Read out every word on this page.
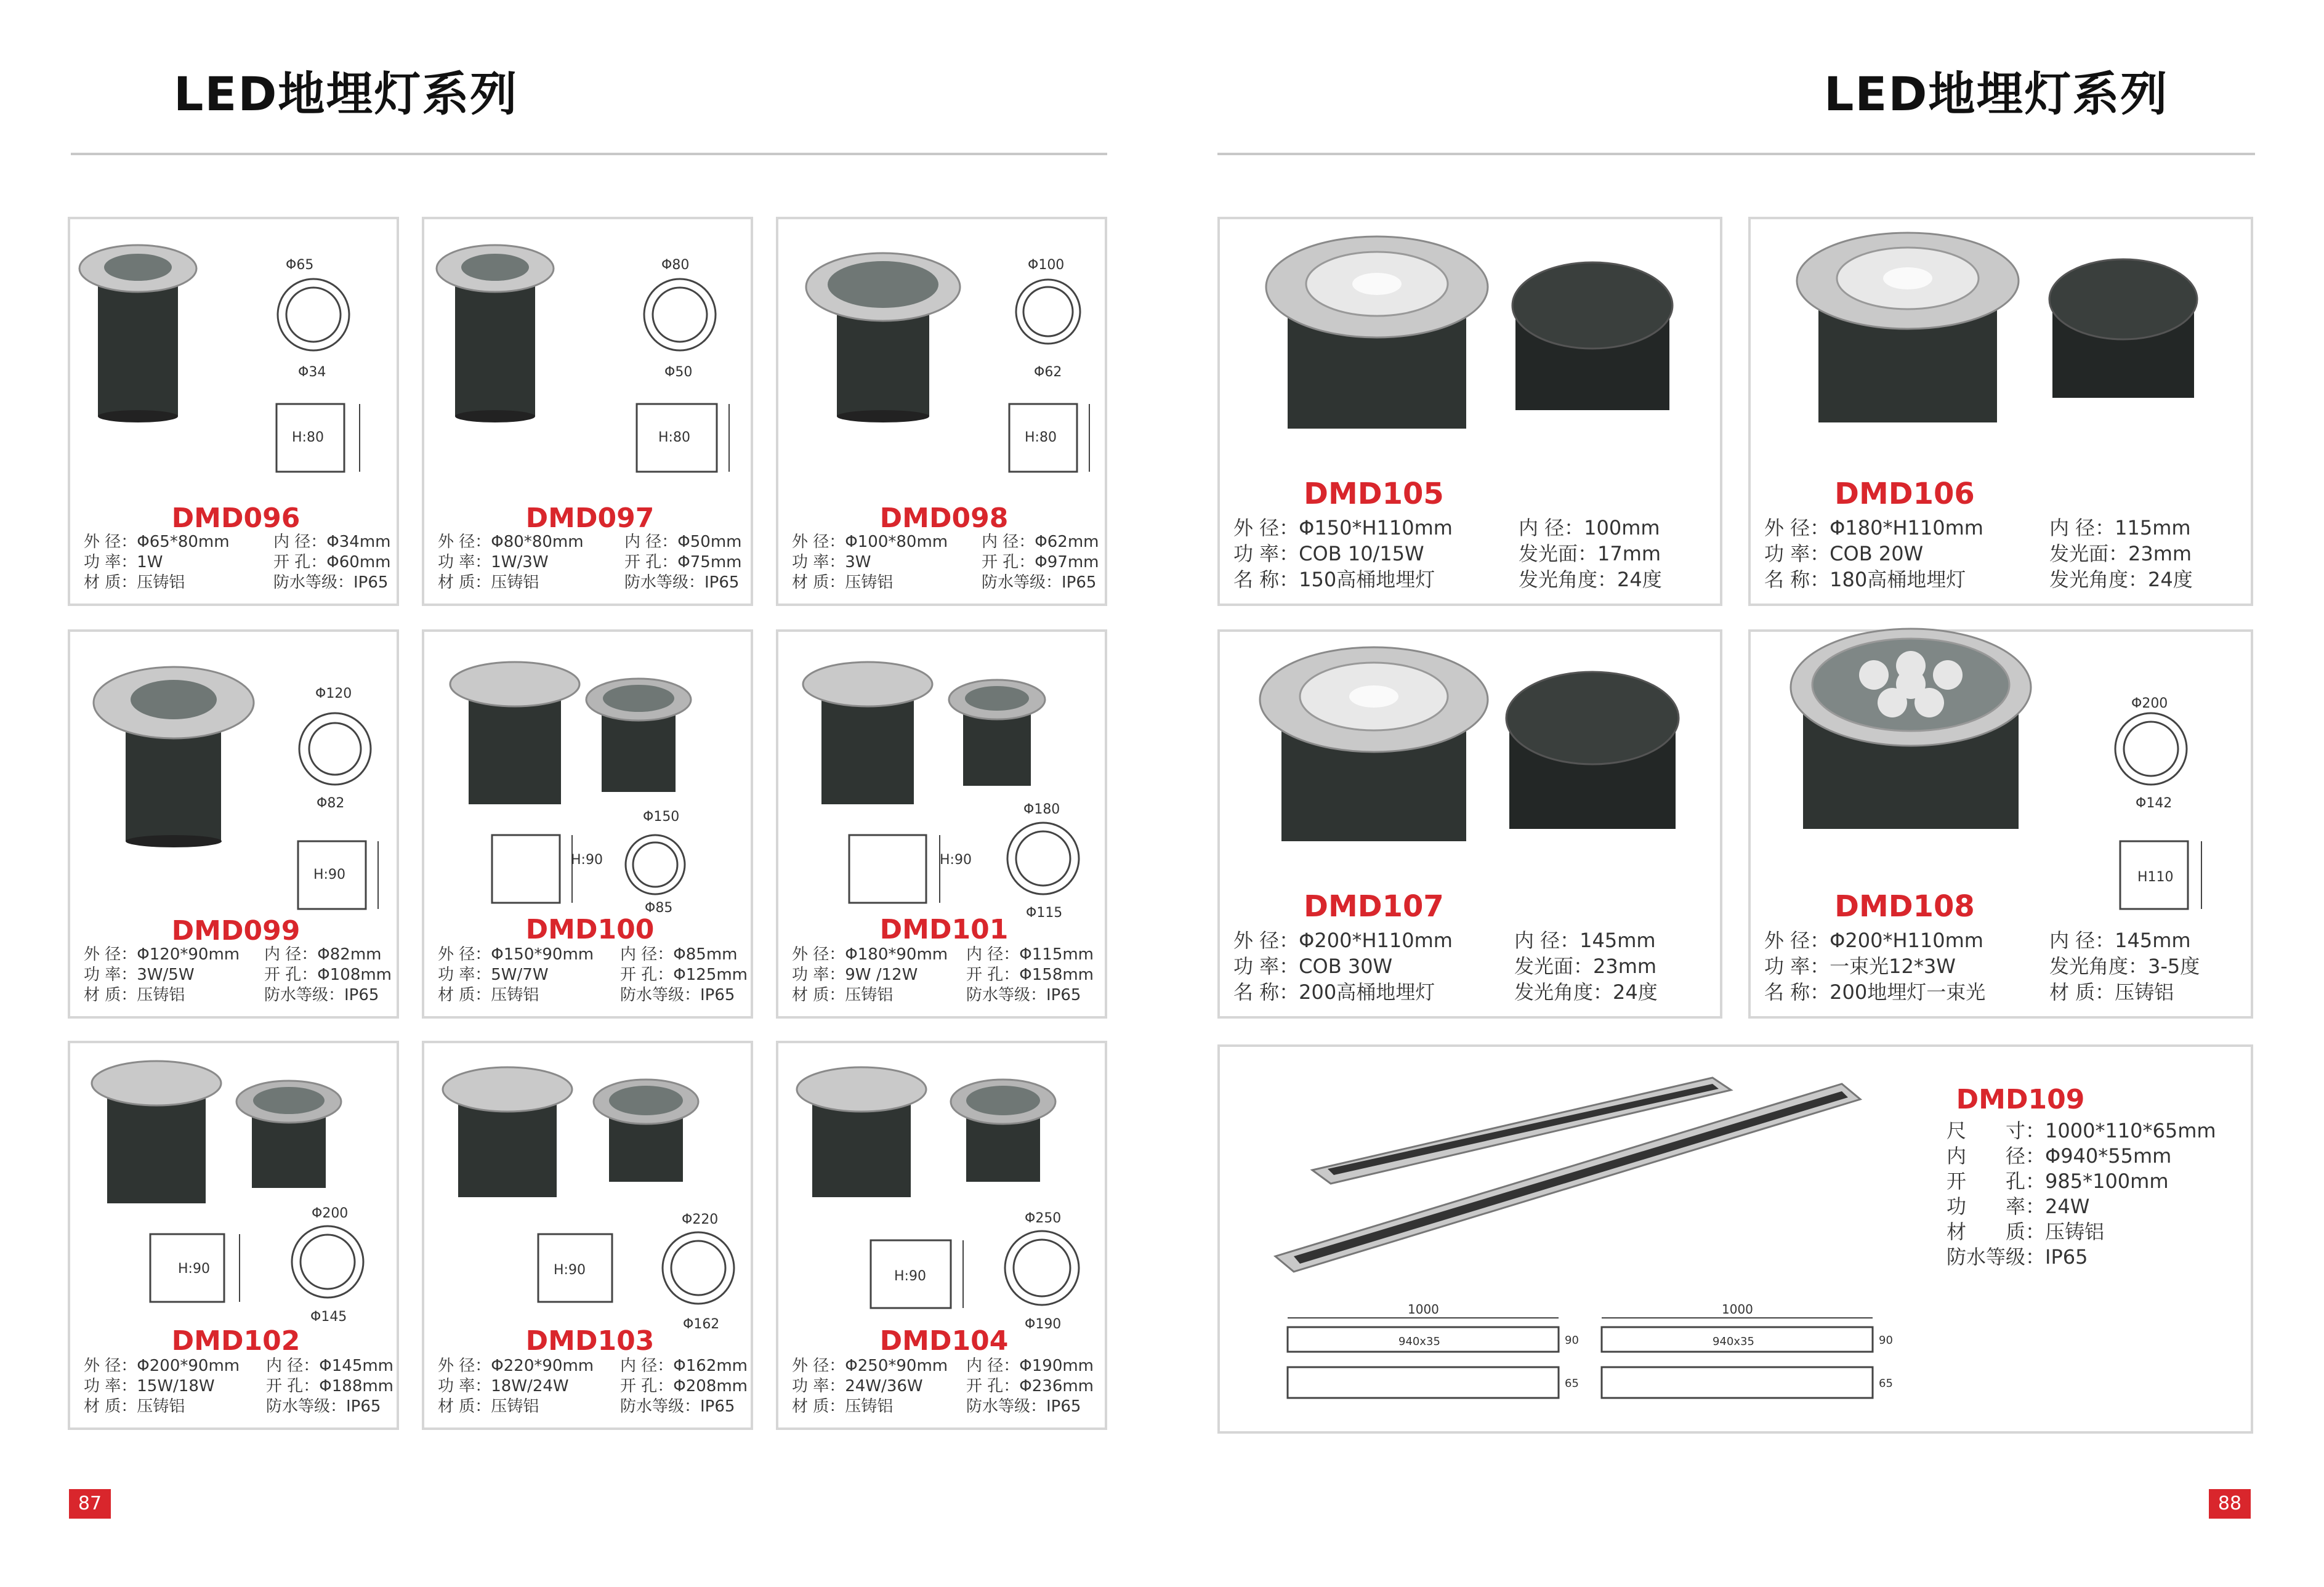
LED地埋灯系列
Φ65
Φ34
H:80
DMD096
外 径：Φ65*80mm
功 率：1W
材 质：压铸铝
内 径：Φ34mm
开 孔：Φ60mm
防水等级：IP65
Φ80
Φ50
H:80
DMD097
外 径：Φ80*80mm
功 率：1W/3W
材 质：压铸铝
内 径：Φ50mm
开 孔：Φ75mm
防水等级：IP65
Φ100
Φ62
H:80
DMD098
外 径：Φ100*80mm
功 率：3W
材 质：压铸铝
内 径：Φ62mm
开 孔：Φ97mm
防水等级：IP65
Φ120
Φ82
H:90
DMD099
外 径：Φ120*90mm
功 率：3W/5W
材 质：压铸铝
内 径：Φ82mm
开 孔：Φ108mm
防水等级：IP65
Φ150
Φ85
H:90
DMD100
外 径：Φ150*90mm
功 率：5W/7W
材 质：压铸铝
内 径：Φ85mm
开 孔：Φ125mm
防水等级：IP65
Φ180
Φ115
H:90
DMD101
外 径：Φ180*90mm
功 率：9W /12W
材 质：压铸铝
内 径：Φ115mm
开 孔：Φ158mm
防水等级：IP65
Φ200
Φ145
H:90
DMD102
外 径：Φ200*90mm
功 率：15W/18W
材 质：压铸铝
内 径：Φ145mm
开 孔：Φ188mm
防水等级：IP65
Φ220
Φ162
H:90
DMD103
外 径：Φ220*90mm
功 率：18W/24W
材 质：压铸铝
内 径：Φ162mm
开 孔：Φ208mm
防水等级：IP65
Φ250
Φ190
H:90
DMD104
外 径：Φ250*90mm
功 率：24W/36W
材 质：压铸铝
内 径：Φ190mm
开 孔：Φ236mm
防水等级：IP65
87
LED地埋灯系列
DMD105
外 径：Φ150*H110mm
功 率：COB 10/15W
名 称：150高桶地埋灯
内 径：100mm
发光面：17mm
发光角度：24度
DMD106
外 径：Φ180*H110mm
功 率：COB 20W
名 称：180高桶地埋灯
内 径：115mm
发光面：23mm
发光角度：24度
DMD107
外 径：Φ200*H110mm
功 率：COB 30W
名 称：200高桶地埋灯
内 径：145mm
发光面：23mm
发光角度：24度
Φ200
Φ142
H110
DMD108
外 径：Φ200*H110mm
功 率：一束光12*3W
名 称：200地埋灯一束光
内 径：145mm
发光角度：3-5度
材 质：压铸铝
1000	1000
940x35	940x35
90
65
90
65
DMD109
尺　　寸：1000*110*65mm
内　　径：Φ940*55mm
开　　孔：985*100mm
功　　率：24W
材　　质：压铸铝
防水等级：IP65
88
